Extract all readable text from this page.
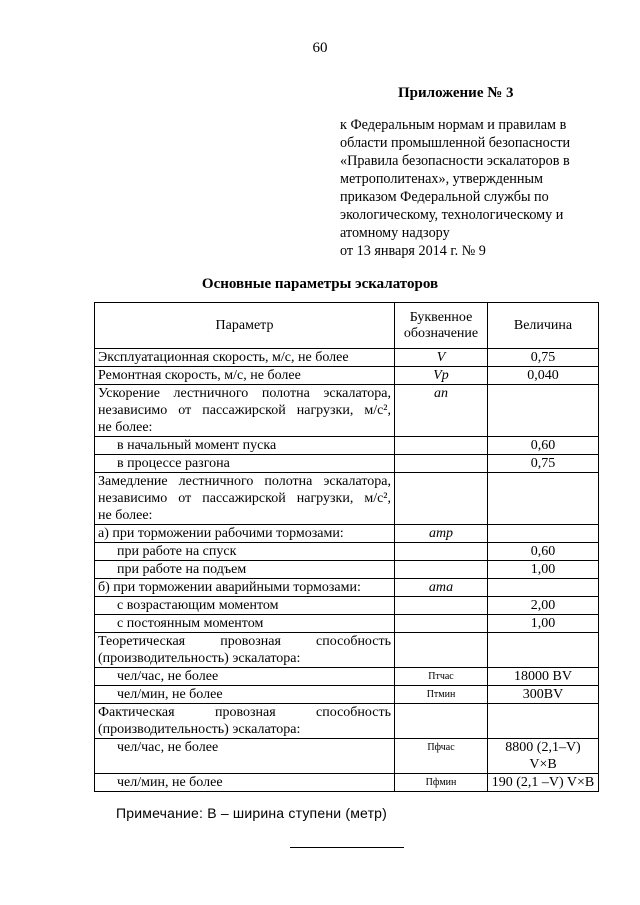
60
Приложение № 3
к Федеральным нормам и правилам в
области промышленной безопасности
«Правила безопасности эскалаторов в
метрополитенах», утвержденным
приказом Федеральной службы по
экологическому, технологическому и
атомному надзору
от 13 января 2014 г. № 9
Основные параметры эскалаторов
Параметр	Буквенное обозначение	Величина
Эксплуатационная скорость, м/с, не более	V	0,75
Ремонтная скорость, м/с, не более	Vр	0,040

Ускорение лестничного полотна эскалатора,
независимо от пассажирской нагрузки, м/с²,
не более:	aп	
в начальный момент пуска		0,60
в процессе разгона		0,75

Замедление лестничного полотна эскалатора,
независимо от пассажирской нагрузки, м/с²,
не более:		

а) при торможении рабочими тормозами:	aтр	
при работе на спуск		0,60
при работе на подъем		1,00
б) при торможении аварийными тормозами:	aта	
с возрастающим моментом		2,00
с постоянным моментом		1,00

Теоретическая провозная способность
(производительность) эскалатора:		

чел/час, не более	Птчас	18000 BV
чел/мин, не более	Птмин	300BV

Фактическая провозная способность
(производительность) эскалатора:		

чел/час, не более	Пфчас	8800 (2,1–V)
V×B

чел/мин, не более	Пфмин	190 (2,1 –V) V×B
Примечание: В – ширина ступени (метр)
